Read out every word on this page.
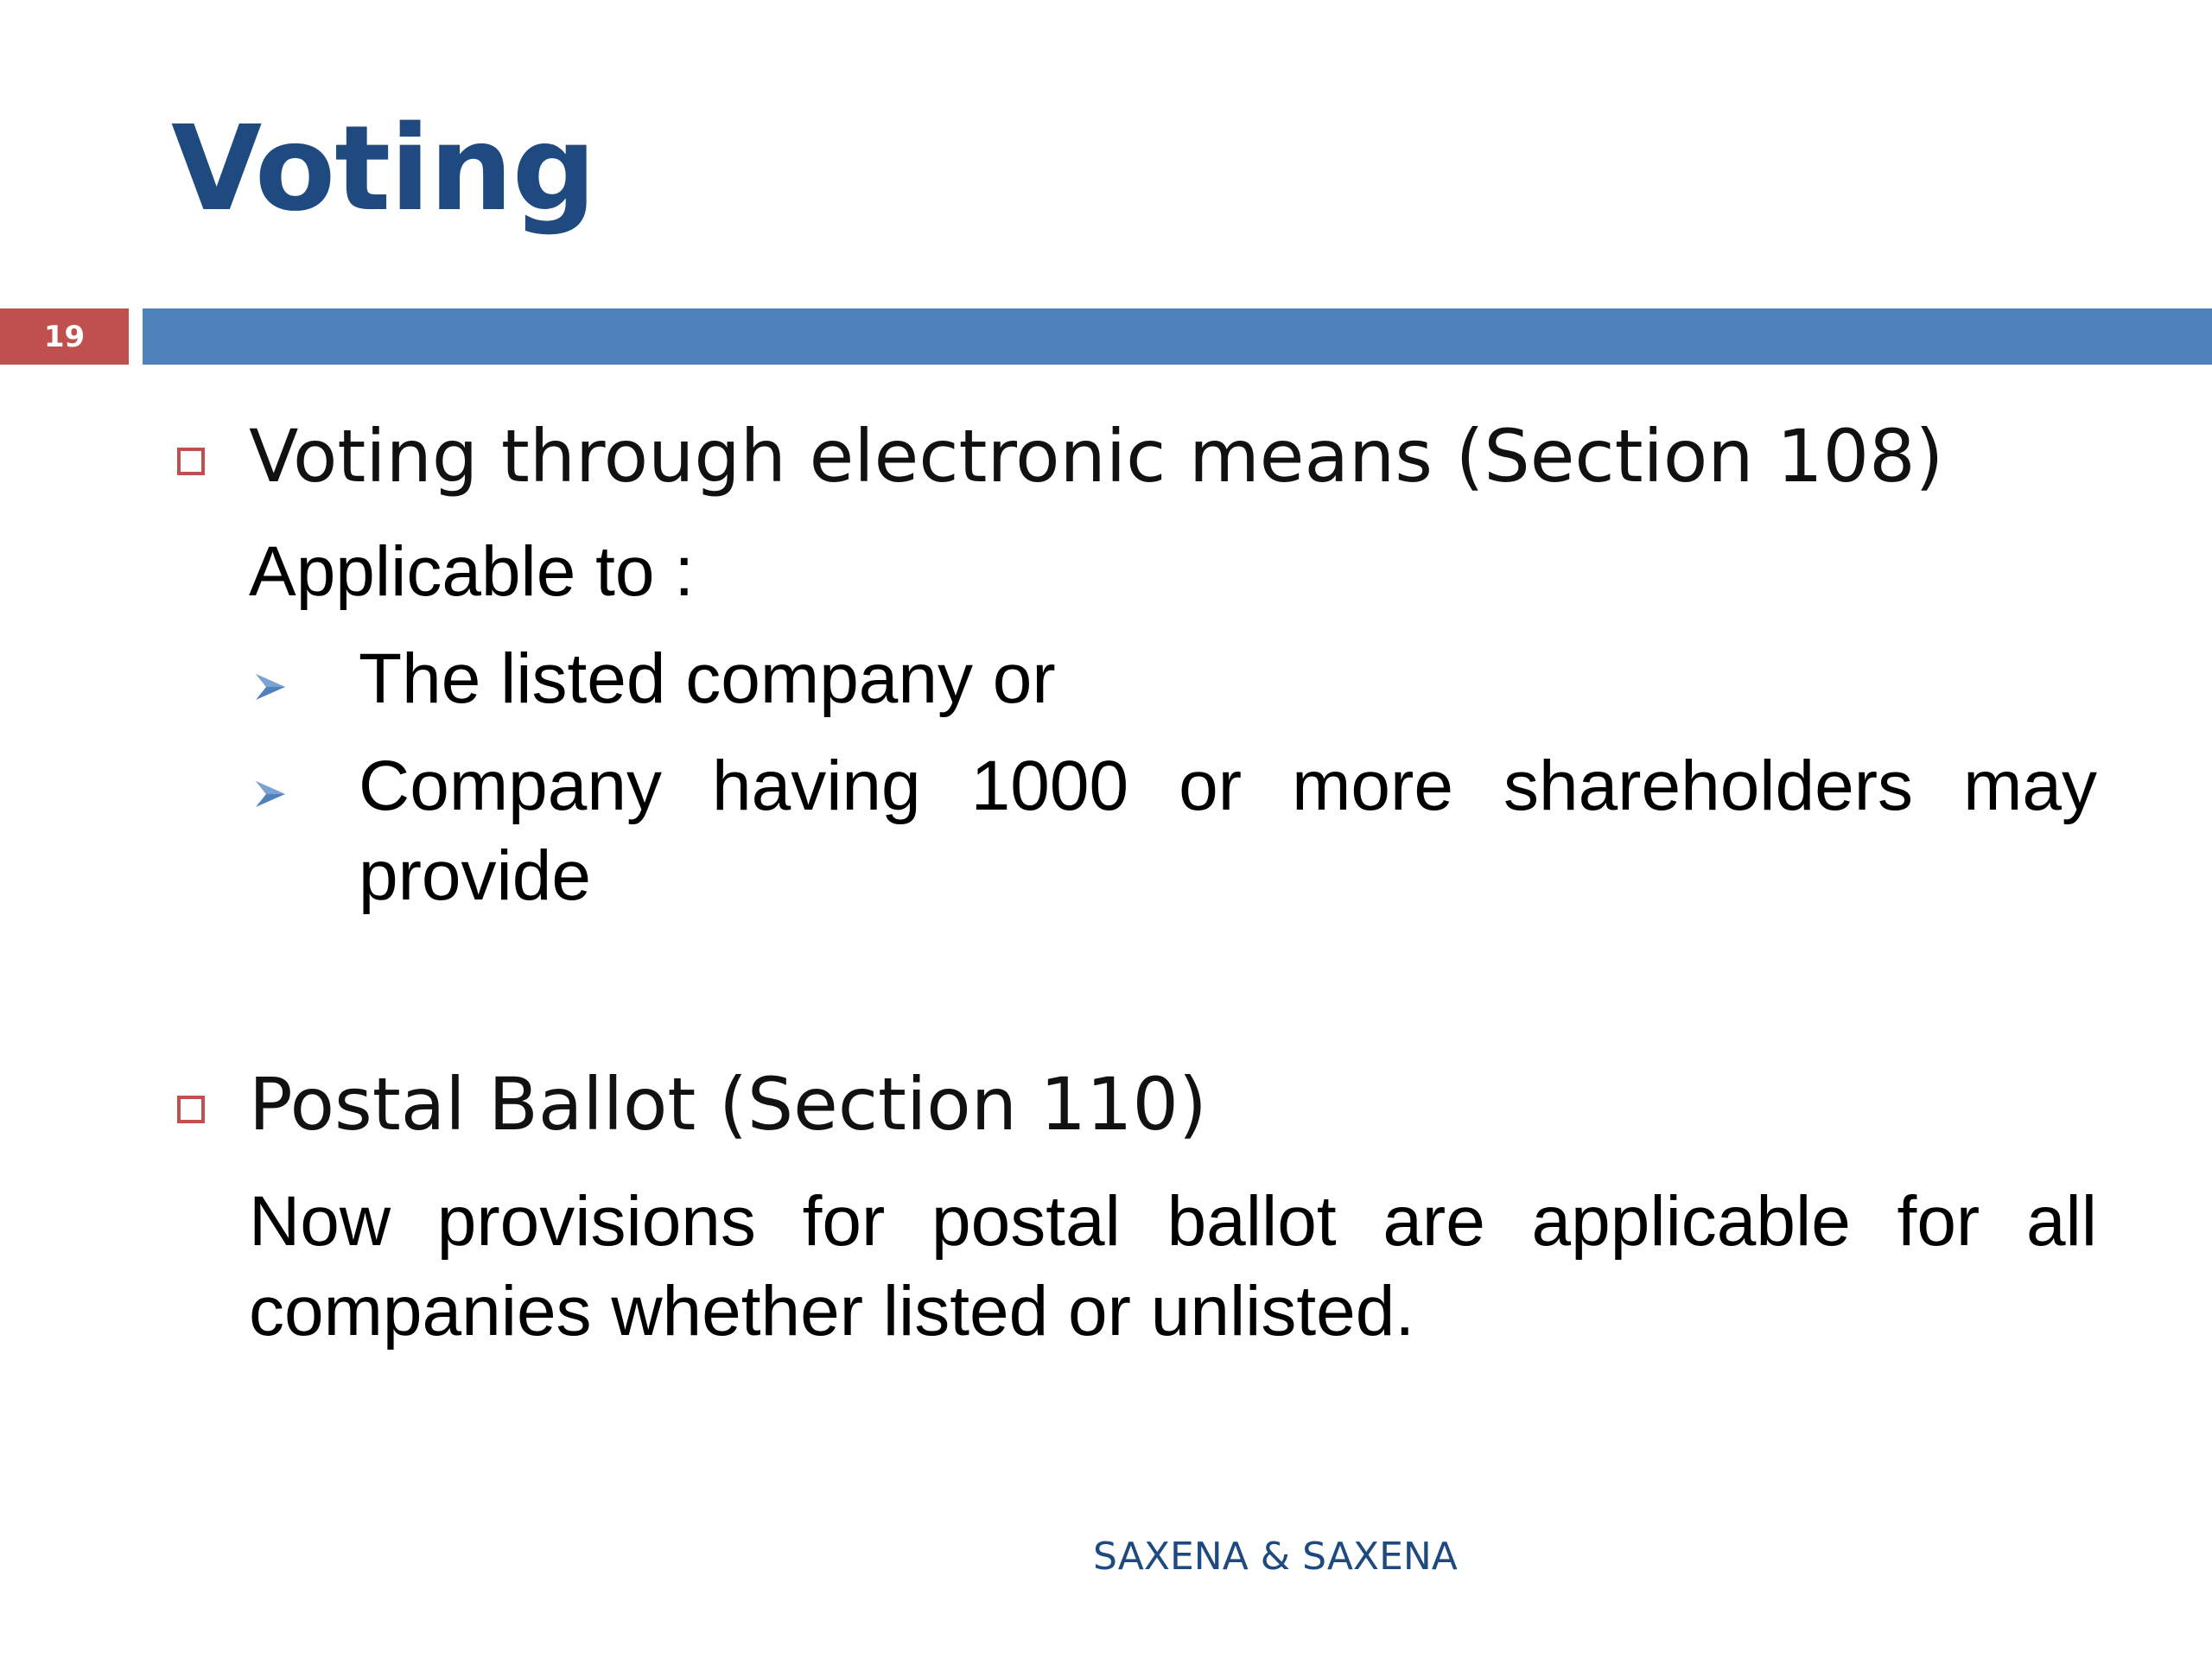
Voting
19
Voting through electronic means (Section 108)
Applicable to :
The listed company or
Company having 1000 or more shareholders may provide
Postal Ballot (Section 110)
Now provisions for postal ballot are applicable for all companies whether listed or unlisted.
SAXENA & SAXENA
